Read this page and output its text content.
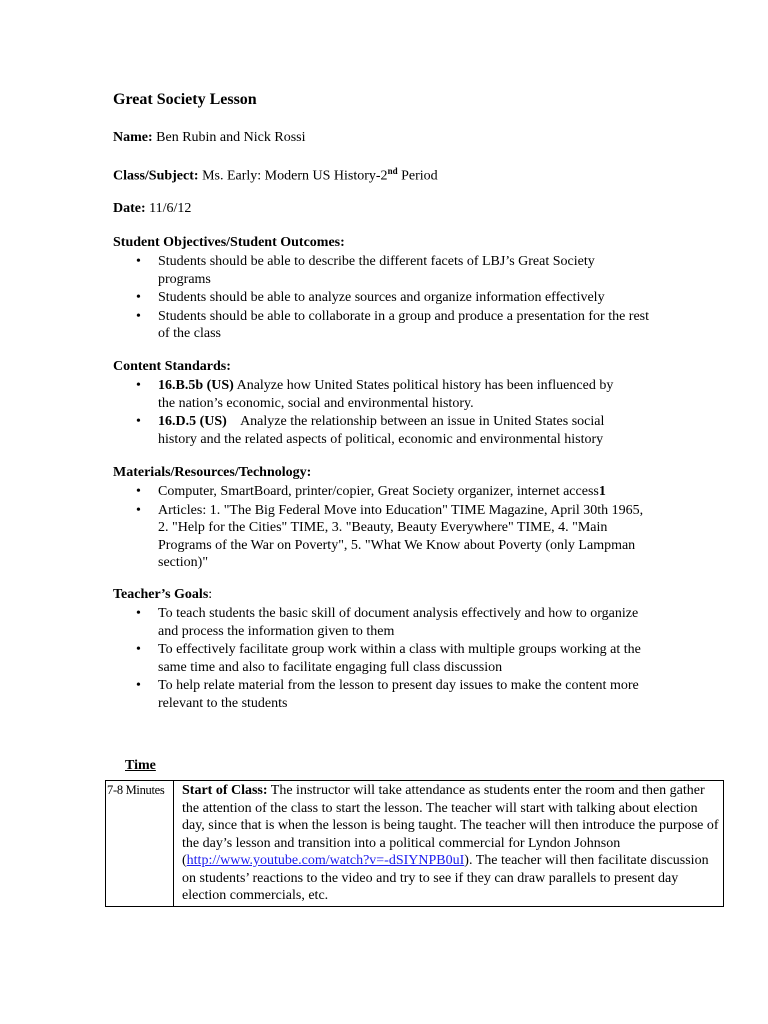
Great Society Lesson
Name: Ben Rubin and Nick Rossi
Class/Subject: Ms. Early: Modern US History-2nd Period
Date: 11/6/12
Student Objectives/Student Outcomes:
• Students should be able to describe the different facets of LBJ’s Great Society programs
• Students should be able to analyze sources and organize information effectively
• Students should be able to collaborate in a group and produce a presentation for the rest of the class
Content Standards:
• 16.B.5b (US) Analyze how United States political history has been influenced by the nation’s economic, social and environmental history.
• 16.D.5 (US)    Analyze the relationship between an issue in United States social history and the related aspects of political, economic and environmental history
Materials/Resources/Technology:
• Computer, SmartBoard, printer/copier, Great Society organizer, internet access1
• Articles: 1. "The Big Federal Move into Education" TIME Magazine, April 30th 1965, 2. "Help for the Cities" TIME, 3. "Beauty, Beauty Everywhere" TIME, 4. "Main Programs of the War on Poverty", 5. "What We Know about Poverty (only Lampman section)"
Teacher’s Goals:
• To teach students the basic skill of document analysis effectively and how to organize and process the information given to them
• To effectively facilitate group work within a class with multiple groups working at the same time and also to facilitate engaging full class discussion
• To help relate material from the lesson to present day issues to make the content more relevant to the students
Time
7-8 Minutes	Start of Class: The instructor will take attendance as students enter the room and then gather the attention of the class to start the lesson. The teacher will start with talking about election day, since that is when the lesson is being taught. The teacher will then introduce the purpose of the day’s lesson and transition into a political commercial for Lyndon Johnson (http://www.youtube.com/watch?v=-dSIYNPB0uI). The teacher will then facilitate discussion on students’ reactions to the video and try to see if they can draw parallels to present day election commercials, etc.
